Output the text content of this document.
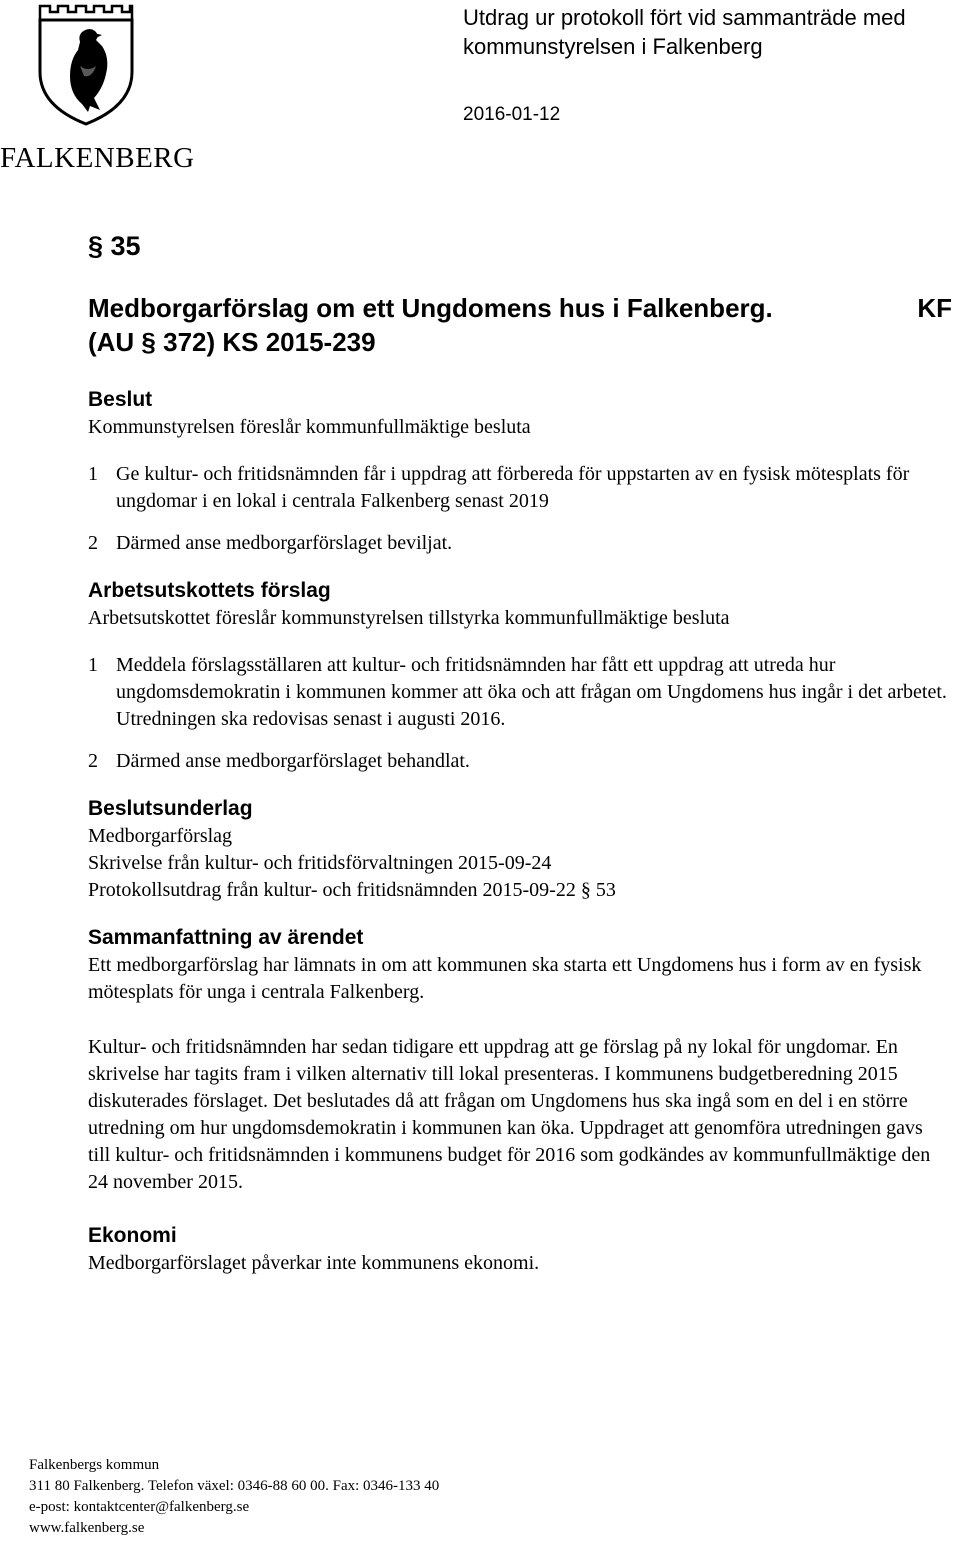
FALKENBERG
Utdrag ur protokoll fört vid sammanträde med
kommunstyrelsen i Falkenberg
2016-01-12
§ 35
Medborgarförslag om ett Ungdomens hus i Falkenberg.
(AU § 372) KS 2015-239
KF
Beslut
Kommunstyrelsen föreslår kommunfullmäktige besluta
1 Ge kultur- och fritidsnämnden får i uppdrag att förbereda för uppstarten av en fysisk mötesplats för ungdomar i en lokal i centrala Falkenberg senast 2019
2 Därmed anse medborgarförslaget beviljat.
Arbetsutskottets förslag
Arbetsutskottet föreslår kommunstyrelsen tillstyrka kommunfullmäktige besluta
1 Meddela förslagsställaren att kultur- och fritidsnämnden har fått ett uppdrag att utreda hur ungdomsdemokratin i kommunen kommer att öka och att frågan om Ungdomens hus ingår i det arbetet. Utredningen ska redovisas senast i augusti 2016.
2 Därmed anse medborgarförslaget behandlat.
Beslutsunderlag
Medborgarförslag
Skrivelse från kultur- och fritidsförvaltningen 2015-09-24
Protokollsutdrag från kultur- och fritidsnämnden 2015-09-22 § 53
Sammanfattning av ärendet
Ett medborgarförslag har lämnats in om att kommunen ska starta ett Ungdomens hus i form av en fysisk mötesplats för unga i centrala Falkenberg.
Kultur- och fritidsnämnden har sedan tidigare ett uppdrag att ge förslag på ny lokal för ungdomar. En skrivelse har tagits fram i vilken alternativ till lokal presenteras. I kommunens budgetberedning 2015 diskuterades förslaget. Det beslutades då att frågan om Ungdomens hus ska ingå som en del i en större utredning om hur ungdomsdemokratin i kommunen kan öka. Uppdraget att genomföra utredningen gavs till kultur- och fritidsnämnden i kommunens budget för 2016 som godkändes av kommunfullmäktige den 24 november 2015.
Ekonomi
Medborgarförslaget påverkar inte kommunens ekonomi.
Falkenbergs kommun
311 80 Falkenberg. Telefon växel: 0346-88 60 00. Fax: 0346-133 40
e-post: kontaktcenter@falkenberg.se
www.falkenberg.se
